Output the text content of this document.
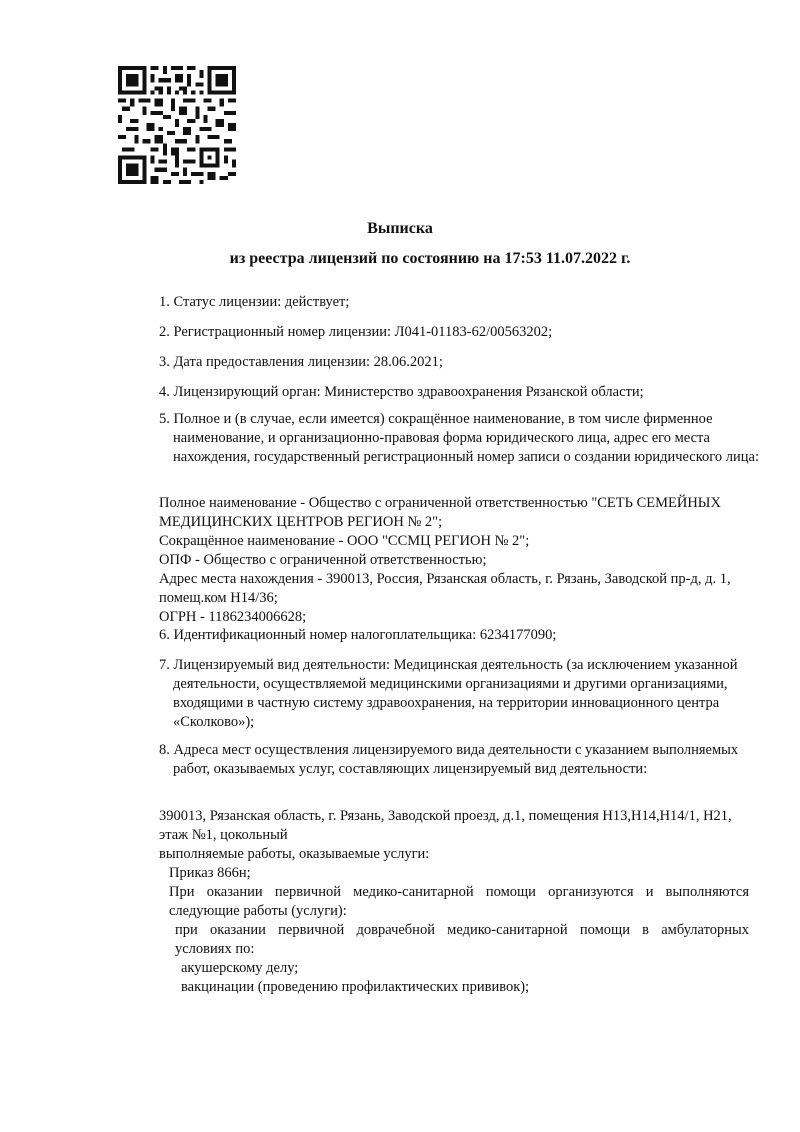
Выписка
из реестра лицензий по состоянию на 17:53 11.07.2022 г.
1. Статус лицензии: действует;
2. Регистрационный номер лицензии: Л041-01183-62/00563202;
3. Дата предоставления лицензии: 28.06.2021;
4. Лицензирующий орган: Министерство здравоохранения Рязанской области;
5. Полное и (в случае, если имеется) сокращённое наименование, в том числе фирменное наименование, и организационно-правовая форма юридического лица, адрес его места нахождения, государственный регистрационный номер записи о создании юридического лица:
Полное наименование - Общество с ограниченной ответственностью "СЕТЬ СЕМЕЙНЫХ МЕДИЦИНСКИХ ЦЕНТРОВ РЕГИОН № 2";
Сокращённое наименование - ООО "ССМЦ РЕГИОН № 2";
ОПФ - Общество с ограниченной ответственностью;
Адрес места нахождения - 390013, Россия, Рязанская область, г. Рязань, Заводской пр-д, д. 1, помещ.ком Н14/36;
ОГРН - 1186234006628;
6. Идентификационный номер налогоплательщика: 6234177090;
7. Лицензируемый вид деятельности: Медицинская деятельность (за исключением указанной деятельности, осуществляемой медицинскими организациями и другими организациями, входящими в частную систему здравоохранения, на территории инновационного центра «Сколково»);
8. Адреса мест осуществления лицензируемого вида деятельности с указанием выполняемых работ, оказываемых услуг, составляющих лицензируемый вид деятельности:
390013, Рязанская область, г. Рязань, Заводской проезд, д.1, помещения Н13,Н14,Н14/1, Н21, этаж №1, цокольный
выполняемые работы, оказываемые услуги:
Приказ 866н;
При оказании первичной медико-санитарной помощи организуются и выполняются следующие работы (услуги):
при оказании первичной доврачебной медико-санитарной помощи в амбулаторных условиях по:
акушерскому делу;
вакцинации (проведению профилактических прививок);
